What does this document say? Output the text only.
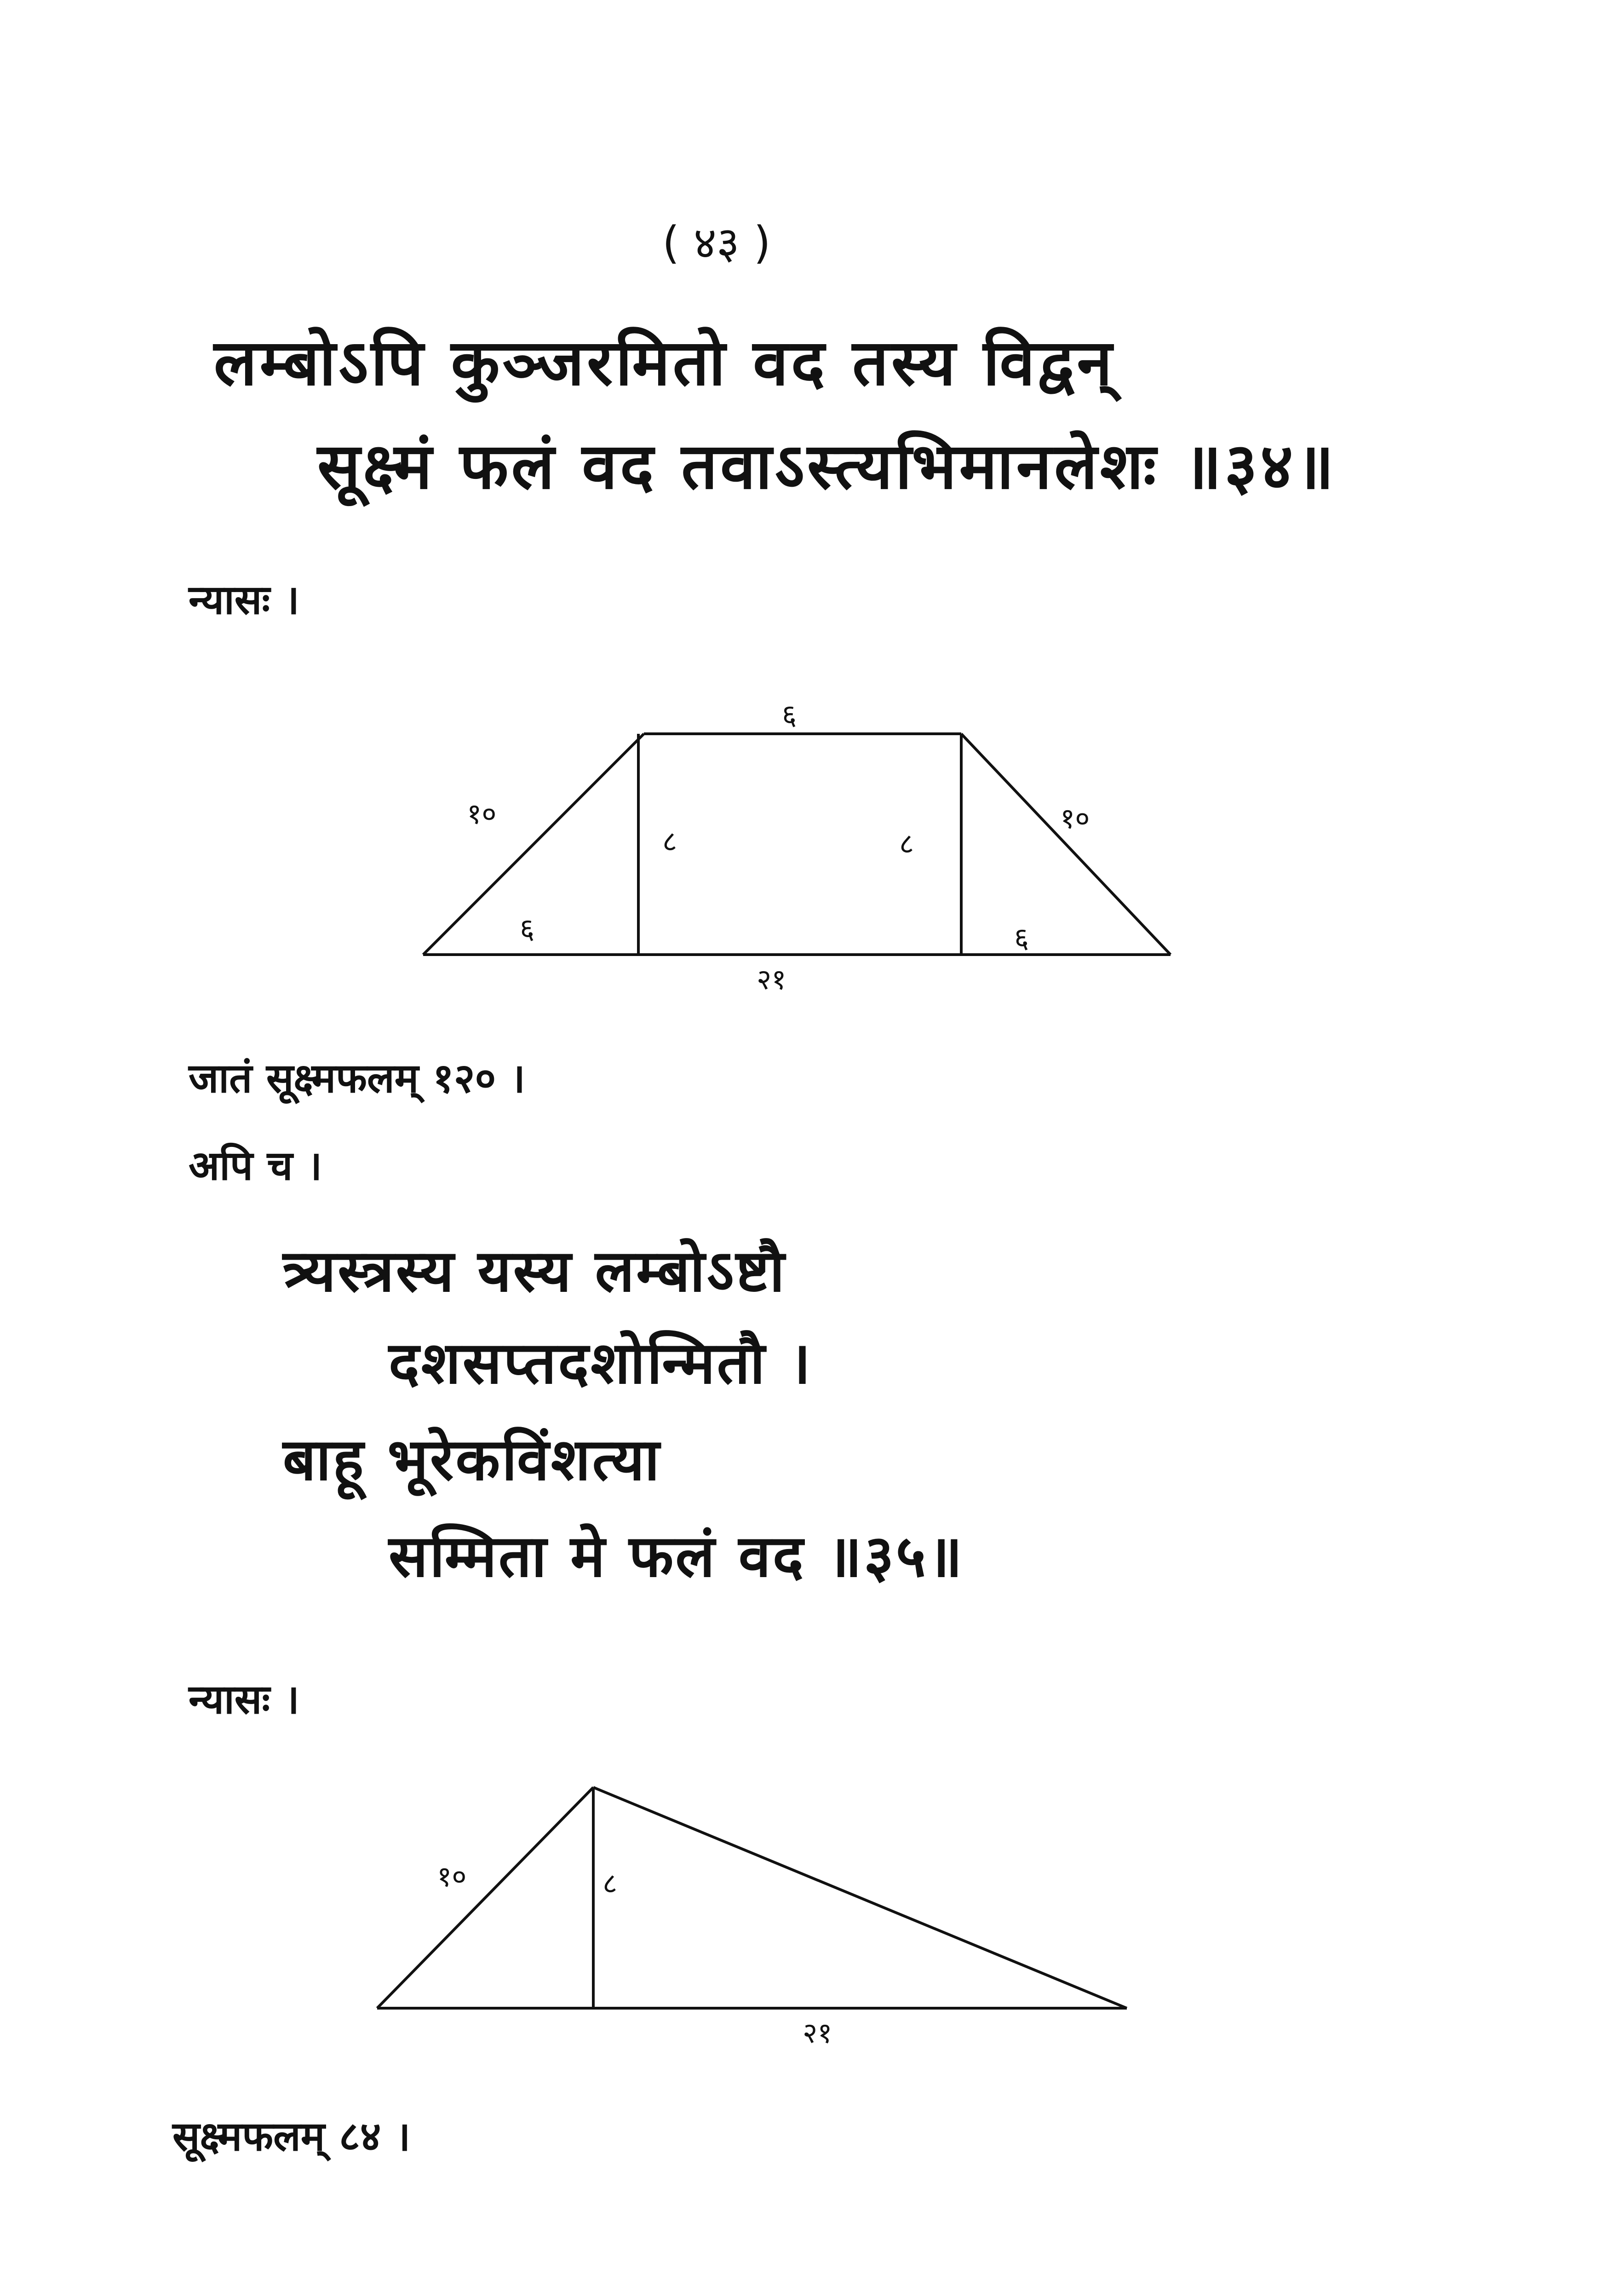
( ४३ )
लम्बोऽपि कुञ्जरमितो वद तस्य विद्वन्
सूक्ष्मं फलं वद तवाऽस्त्यभिमानलेशः ॥३४॥
न्यासः ।
६
१०	१०
८	८
६	६
२१
जातं सूक्ष्मफलम् १२० ।
अपि च ।
त्र्यस्त्रस्य यस्य लम्बोऽष्टौ
दशसप्तदशोन्मितौ ।
बाहू भूरेकविंशत्या
सम्मिता मे फलं वद ॥३५॥
न्यासः ।
१०	८
२१
सूक्ष्मफलम् ८४ ।
